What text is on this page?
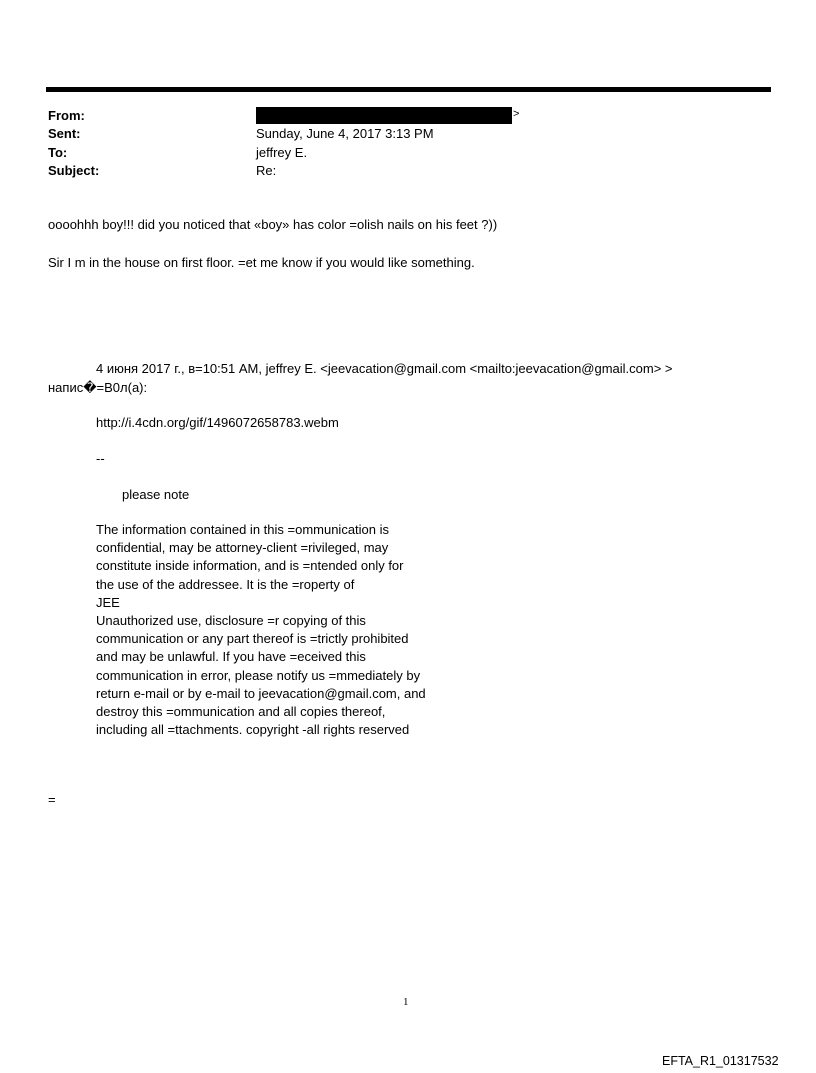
From:	>
Sent:	Sunday, June 4, 2017 3:13 PM
To:	jeffrey E.
Subject:	Re:
oooohhh boy!!! did you noticed that «boy» has color =olish nails on his feet ?))
Sir I m in the house on first floor. =et me know if you would like something.
4 июня 2017 г., в=10:51 AM, jeffrey E. <jeevacation@gmail.com <mailto:jeevacation@gmail.com> >
напис�=В0л(а):
http://i.4cdn.org/gif/1496072658783.webm
--
please note
The information contained in this =ommunication is
confidential, may be attorney-client =rivileged, may
constitute inside information, and is =ntended only for
the use of the addressee. It is the =roperty of
JEE
Unauthorized use, disclosure =r copying of this
communication or any part thereof is =trictly prohibited
and may be unlawful. If you have =eceived this
communication in error, please notify us =mmediately by
return e-mail or by e-mail to jeevacation@gmail.com, and
destroy this =ommunication and all copies thereof,
including all =ttachments. copyright -all rights reserved
=
1
EFTA_R1_01317532
